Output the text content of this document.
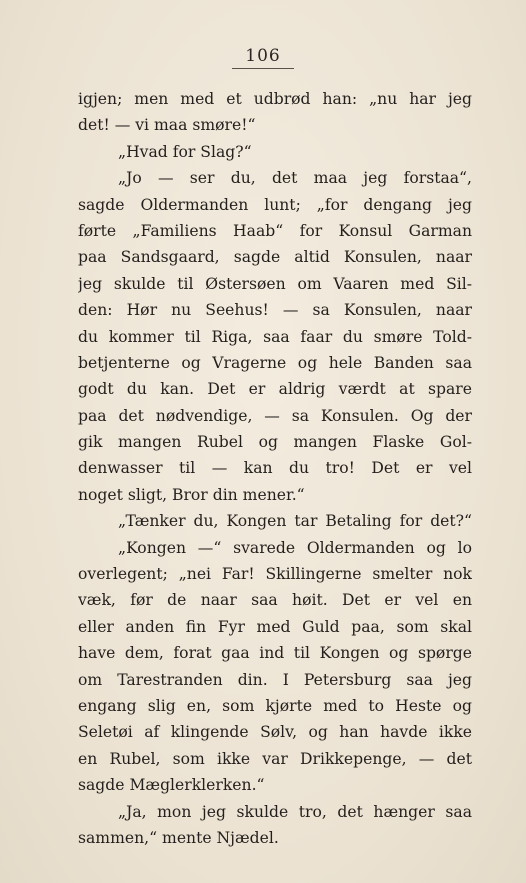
106
igjen; men med et udbrød han: „nu har jeg
det! — vi maa smøre!“
„Hvad for Slag?“
„Jo — ser du, det maa jeg forstaa“,
sagde Oldermanden lunt; „for dengang jeg
førte „Familiens Haab“ for Konsul Garman
paa Sandsgaard, sagde altid Konsulen, naar
jeg skulde til Østersøen om Vaaren med Sil-
den: Hør nu Seehus! — sa Konsulen, naar
du kommer til Riga, saa faar du smøre Told-
betjenterne og Vragerne og hele Banden saa
godt du kan. Det er aldrig værdt at spare
paa det nødvendige, — sa Konsulen. Og der
gik mangen Rubel og mangen Flaske Gol-
denwasser til — kan du tro! Det er vel
noget sligt, Bror din mener.“
„Tænker du, Kongen tar Betaling for det?“
„Kongen —“ svarede Oldermanden og lo
overlegent; „nei Far! Skillingerne smelter nok
væk, før de naar saa høit. Det er vel en
eller anden fin Fyr med Guld paa, som skal
have dem, forat gaa ind til Kongen og spørge
om Tarestranden din. I Petersburg saa jeg
engang slig en, som kjørte med to Heste og
Seletøi af klingende Sølv, og han havde ikke
en Rubel, som ikke var Drikkepenge, — det
sagde Mæglerklerken.“
„Ja, mon jeg skulde tro, det hænger saa
sammen,“ mente Njædel.
